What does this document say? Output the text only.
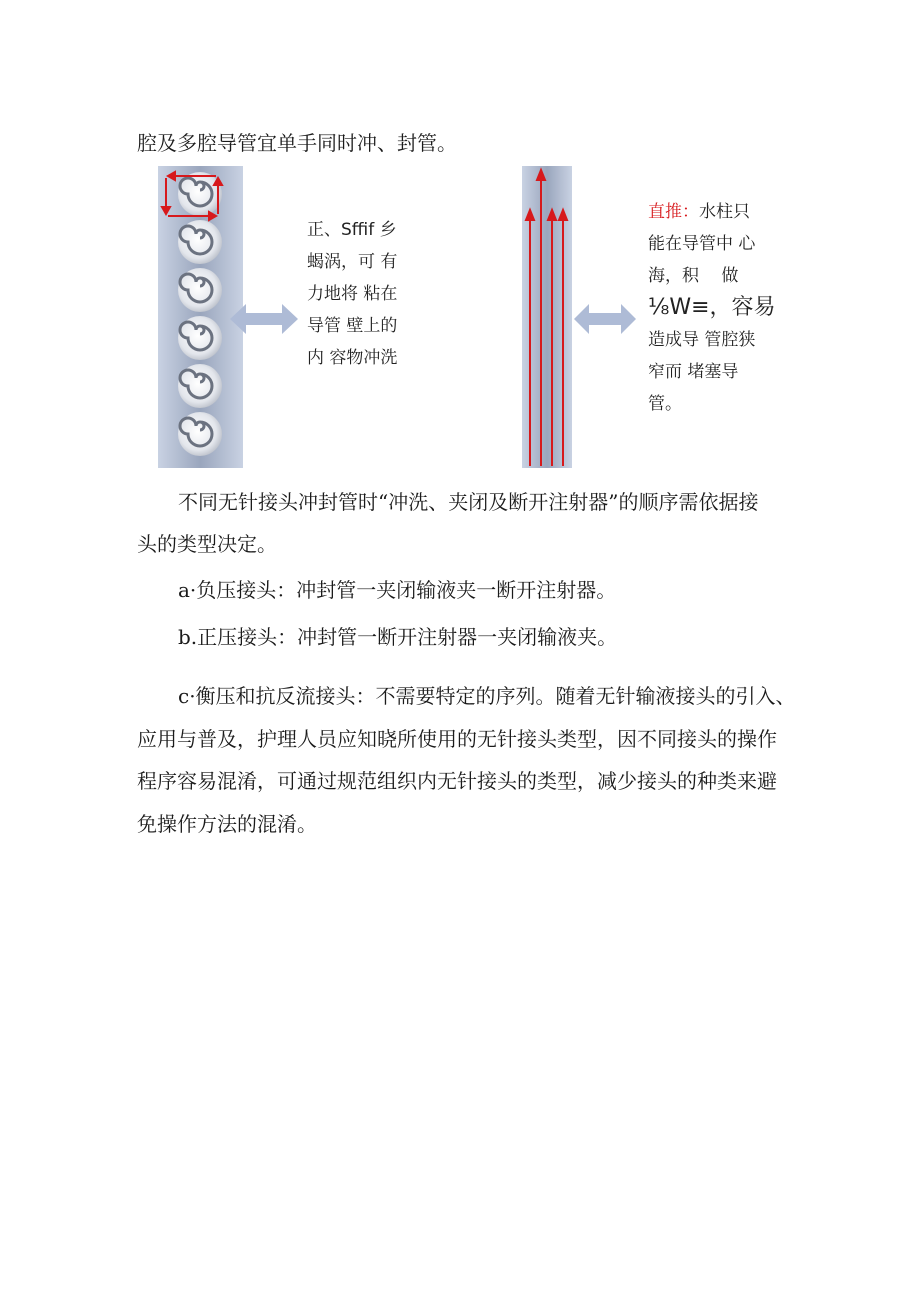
腔及多腔导管宜单手同时冲、封管。

正、Sffif 乡
蝎涡，可 有
力地将 粘在
导管 壁上的
内 容物冲洗
直推：水柱只
能在导管中 心
海，积　 做
⅛W≡，容易
造成导 管腔狭
窄而 堵塞导
管。

不同无针接头冲封管时“冲洗、夹闭及断开注射器”的顺序需依据接

头的类型决定。

a·负压接头：冲封管一夹闭输液夹一断开注射器。

b.正压接头：冲封管一断开注射器一夹闭输液夹。

c·衡压和抗反流接头：不需要特定的序列。随着无针输液接头的引入、

应用与普及，护理人员应知晓所使用的无针接头类型，因不同接头的操作

程序容易混淆，可通过规范组织内无针接头的类型，减少接头的种类来避

免操作方法的混淆。
